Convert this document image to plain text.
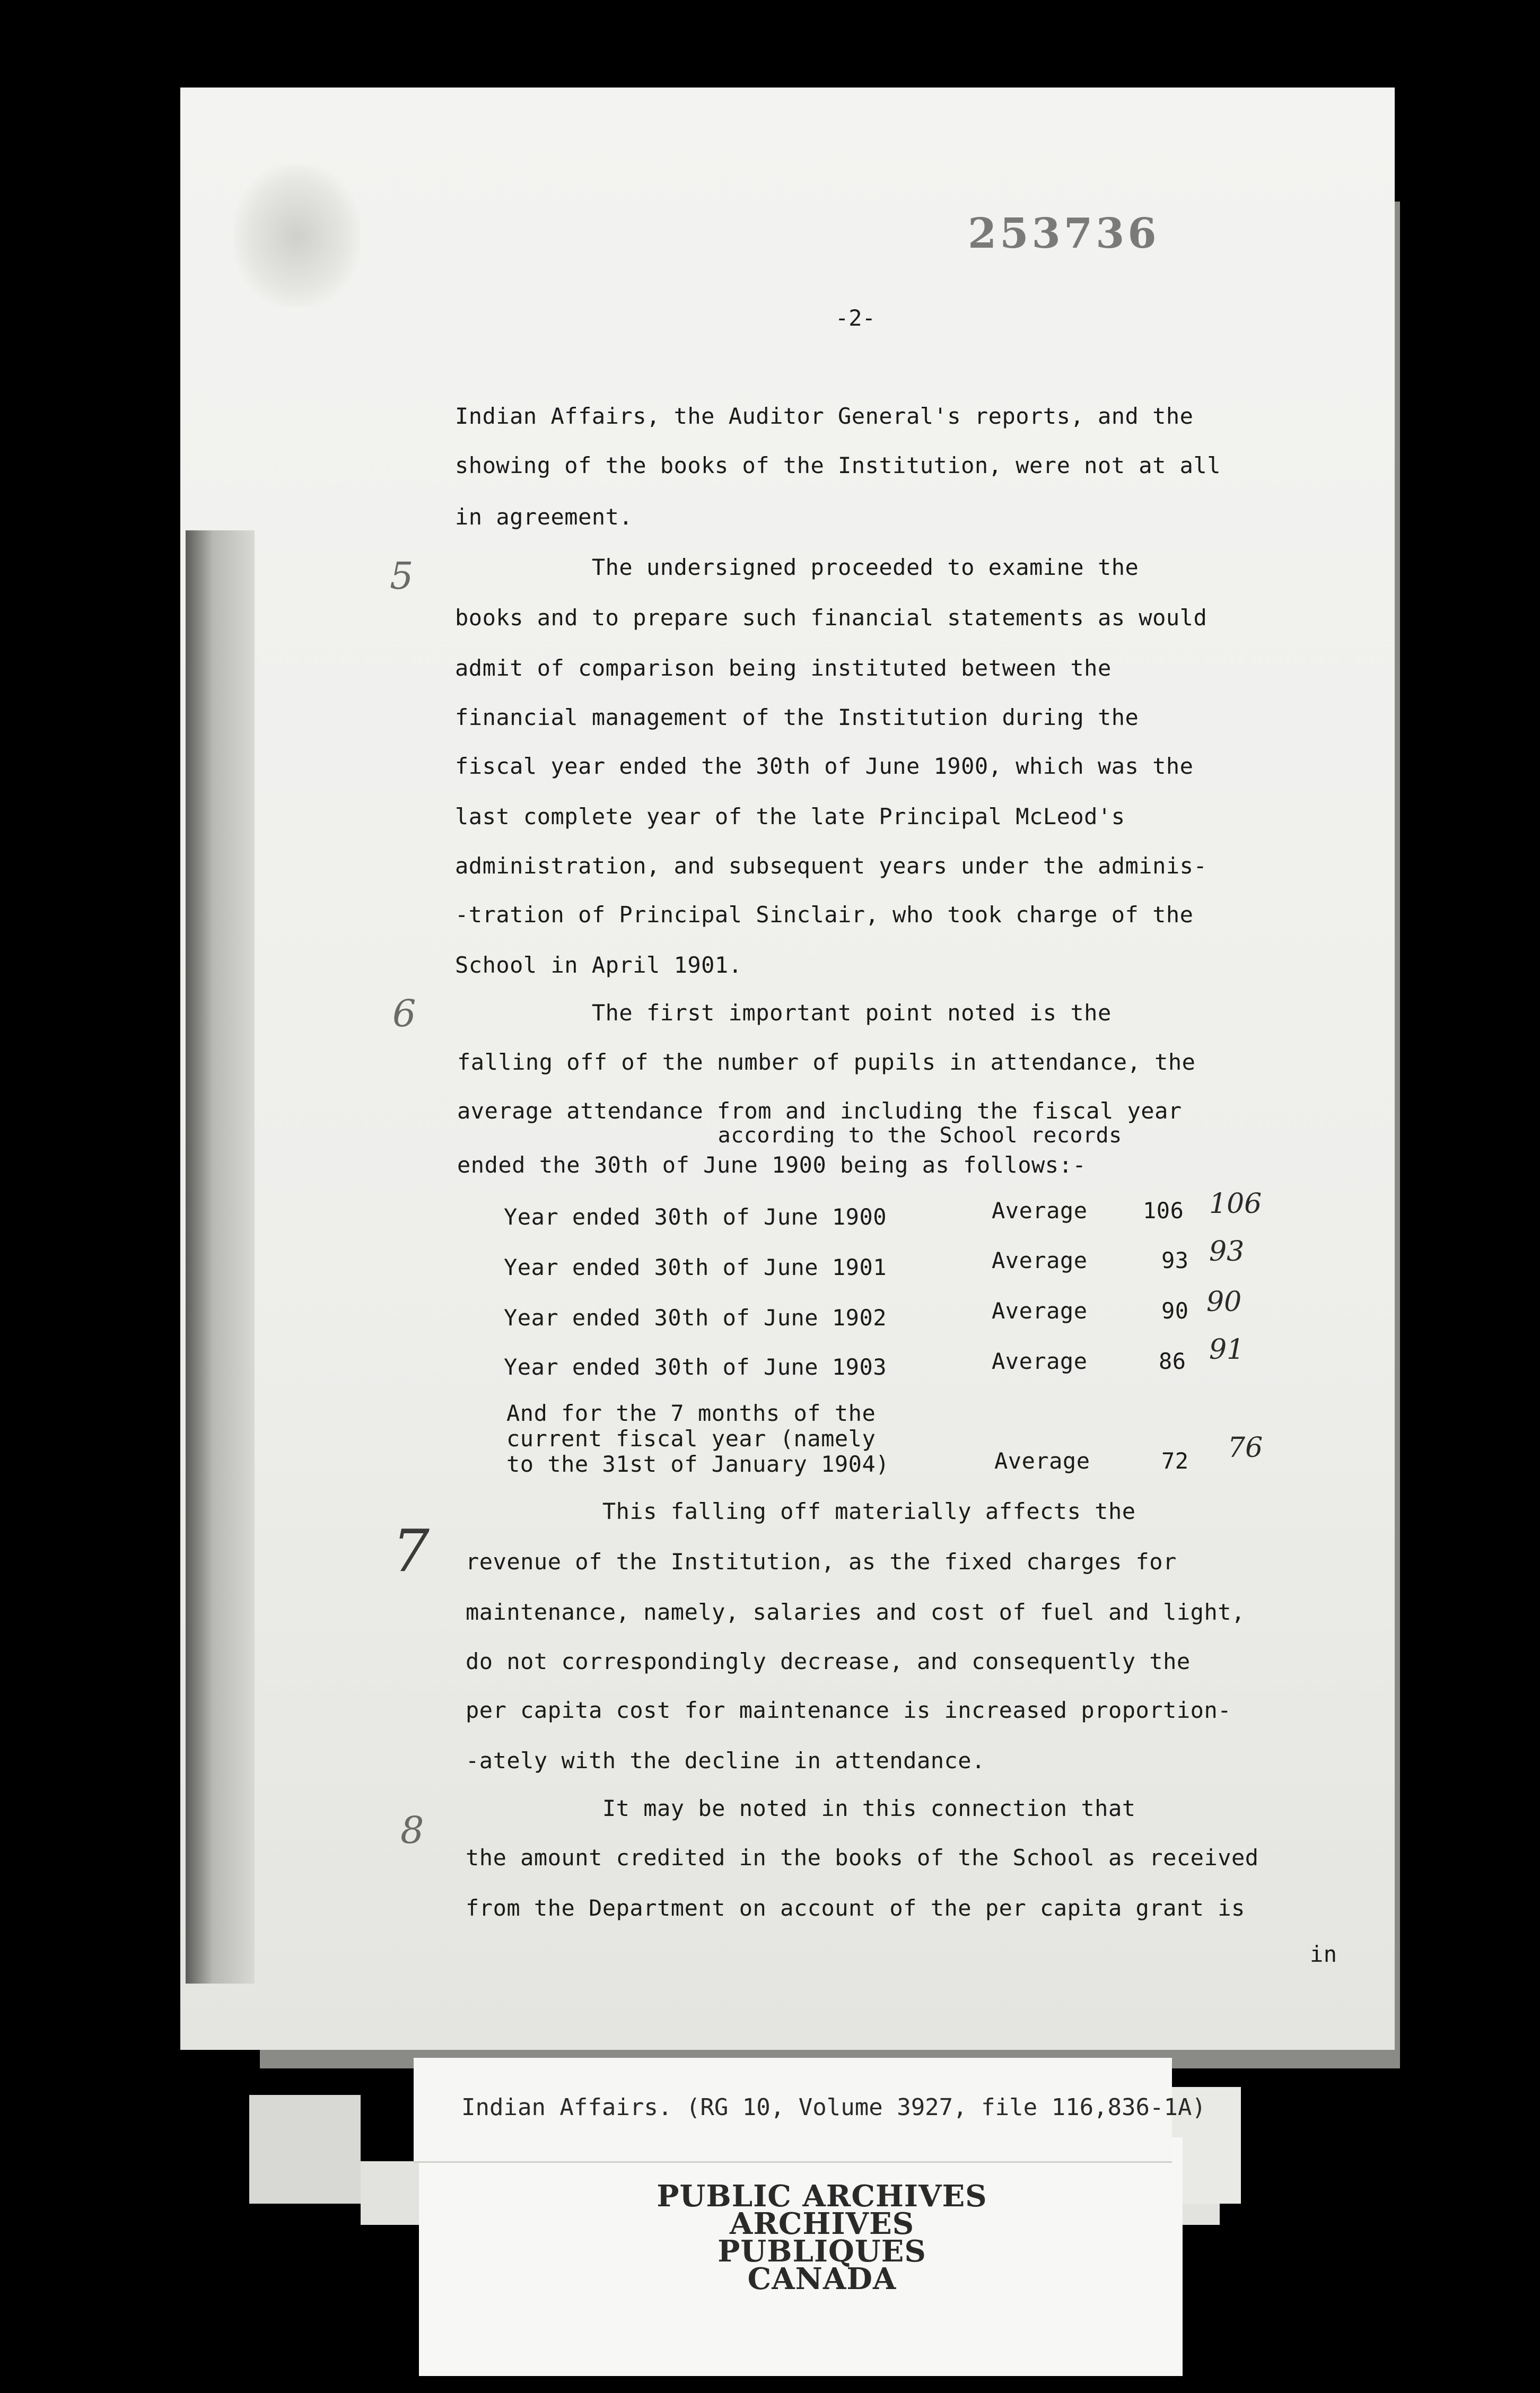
253736
-2-
Indian Affairs, the Auditor General's reports, and the
showing of the books of the Institution, were not at all
in agreement.
The undersigned proceeded to examine the
books and to prepare such financial statements as would
admit of comparison being instituted between the
financial management of the Institution during the
fiscal year ended the 30th of June 1900, which was the
last complete year of the late Principal McLeod's
administration, and subsequent years under the adminis-
-tration of Principal Sinclair, who took charge of the
School in April 1901.
The first important point noted is the
falling off of the number of pupils in attendance, the
average attendance from and including the fiscal year
according to the School records
ended the 30th of June 1900 being as follows:-
Year ended 30th of June 1900	Average 106 106
Year ended 30th of June 1901	Average	93 93
Year ended 30th of June 1902	Average	90 90
Year ended 30th of June 1903	Average	86 91
And for the 7 months of the
current fiscal year (namely
to the 31st of January 1904)	Average	72 76
This falling off materially affects the
revenue of the Institution, as the fixed charges for
maintenance, namely, salaries and cost of fuel and light,
do not correspondingly decrease, and consequently the
per capita cost for maintenance is increased proportion-
-ately with the decline in attendance.
It may be noted in this connection that
the amount credited in the books of the School as received
from the Department on account of the per capita grant is
in
5
6
7
8
PUBLIC ARCHIVES
ARCHIVES PUBLIQUES
CANADA
Indian Affairs. (RG 10, Volume 3927, file 116,836-1A)
